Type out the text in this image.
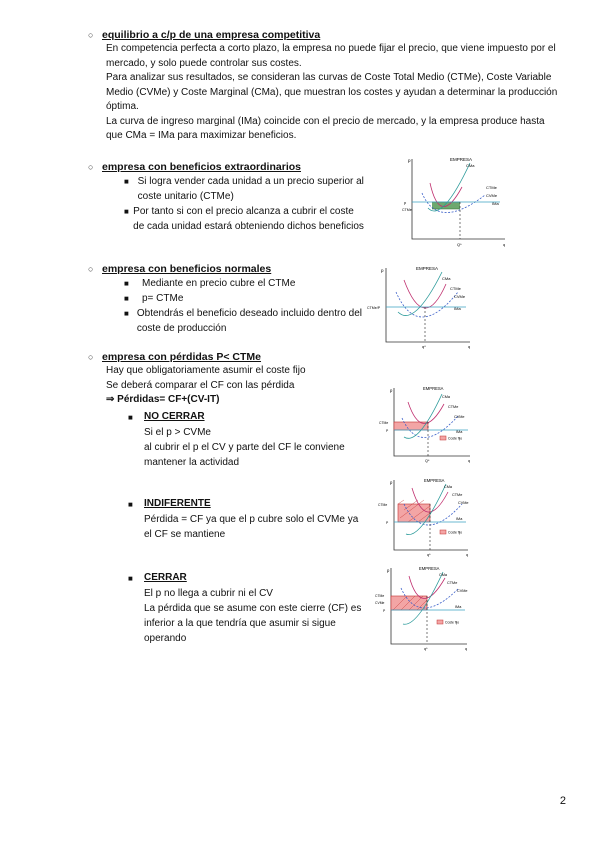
○ equilibrio a c/p de una empresa competitiva
En competencia perfecta a corto plazo, la empresa no puede fijar el precio, que viene impuesto por el mercado, y solo puede controlar sus costes.
Para analizar sus resultados, se consideran las curvas de Coste Total Medio (CTMe), Coste Variable Medio (CVMe) y Coste Marginal (CMa), que muestran los costes y ayudan a determinar la producción óptima.
La curva de ingreso marginal (IMa) coincide con el precio de mercado, y la empresa produce hasta que CMa = IMa para maximizar beneficios.
○ empresa con beneficios extraordinarios
■ Si logra vender cada unidad a un precio superior al coste unitario (CTMe)
■ Por tanto si con el precio alcanza a cubrir el coste de cada unidad estará obteniendo dichos beneficios
○ empresa con beneficios normales
■	Mediante en precio cubre el CTMe
■	p= CTMe
■ Obtendrás el beneficio deseado incluido dentro del coste de producción
○ empresa con pérdidas P< CTMe
Hay que obligatoriamente asumir el coste fijo
Se deberá comparar el CF con las pérdida
⇒ Pérdidas= CF+(CV-IT)
■	NO CERRAR
Si el p > CVMe
al cubrir el p el CV y parte del CF le conviene mantener la actividad
■	INDIFERENTE
Pérdida = CF ya que el p cubre solo el CVMe ya el CF se mantiene
■	CERRAR
El p no llega a cubrir ni el CV
La pérdida que se asume con este cierre (CF) es inferior a la que tendría que asumir si sigue operando
EMPRESA
p
CMa
CTMe
CVMe
IMa
p
CTMe
Q*	q
EMPRESA
p
CMa
CTMe
CVMe
IMa
CTMe/P
q*	q
EMPRESA
p
CMa
CTMe
CVMe
CTMe
P	IMa
Coste fijo
Q*	q
EMPRESA
p
CMa
CTMe
CVMe
CTMe
P
IMa
Coste fijo
q*	q
EMPRESA
p
CMa
CTMe
CVMe
CTMe
CVMe
P
IMa
Coste fijo
q*	q
2
